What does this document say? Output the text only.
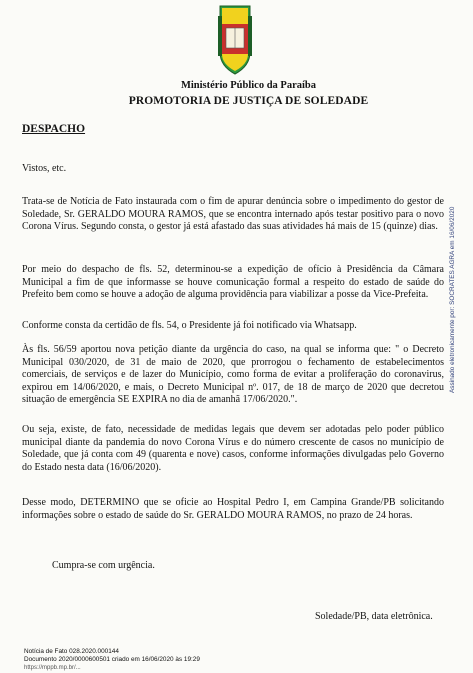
Ministério Público da Paraíba
PROMOTORIA DE JUSTIÇA DE SOLEDADE
DESPACHO
Vistos, etc.
Trata-se de Notícia de Fato instaurada com o fim de apurar denúncia sobre o impedimento do gestor de Soledade, Sr. GERALDO MOURA RAMOS, que se encontra internado após testar positivo para o novo Corona Vírus. Segundo consta, o gestor já está afastado das suas atividades há mais de 15 (quinze) dias.
Por meio do despacho de fls. 52, determinou-se a expedição de ofício à Presidência da Câmara Municipal a fim de que informasse se houve comunicação formal a respeito do estado de saúde do Prefeito bem como se houve a adoção de alguma providência para viabilizar a posse da Vice-Prefeita.
Conforme consta da certidão de fls. 54, o Presidente já foi notificado via Whatsapp.
Às fls. 56/59 aportou nova petição diante da urgência do caso, na qual se informa que: " o Decreto Municipal 030/2020, de 31 de maio de 2020, que prorrogou o fechamento de estabelecimentos comerciais, de serviços e de lazer do Município, como forma de evitar a proliferação do coronavirus, expirou em 14/06/2020, e mais, o Decreto Municipal nº. 017, de 18 de março de 2020 que decretou situação de emergência SE EXPIRA no dia de amanhã 17/06/2020.".
Ou seja, existe, de fato, necessidade de medidas legais que devem ser adotadas pelo poder público municipal diante da pandemia do novo Corona Vírus e do número crescente de casos no município de Soledade, que já conta com 49 (quarenta e nove) casos, conforme informações divulgadas pelo Governo do Estado nesta data (16/06/2020).
Desse modo, DETERMINO que se oficie ao Hospital Pedro I, em Campina Grande/PB solicitando informações sobre o estado de saúde do Sr. GERALDO MOURA RAMOS, no prazo de 24 horas.
Cumpra-se com urgência.
Soledade/PB, data eletrônica.
Assinado eletronicamente por: SOCRATES AGRA em 16/06/2020
Notícia de Fato 028.2020.000144
Documento 2020/0000600501 criado em 16/06/2020 às 19:29
https://mppb.mp.br/...
